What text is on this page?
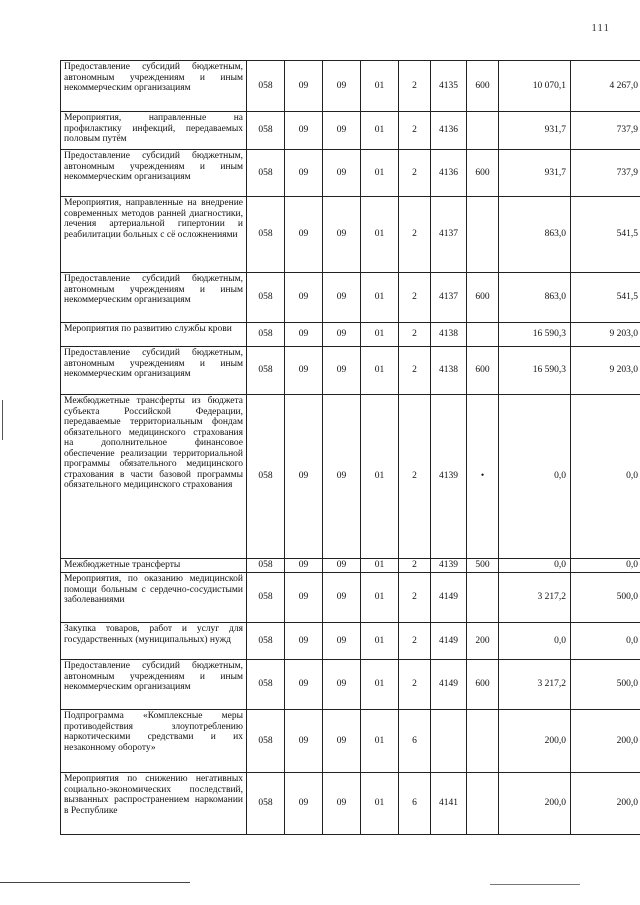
111
Предоставление субсидий бюджетным, автономным учреждениям и иным некоммерческим организациям	058	09	09	01	2	4135	600	10 070,1	4 267,0
Мероприятия, направленные на профилактику инфекций, передаваемых половым путём	058	09	09	01	2	4136		931,7	737,9
Предоставление субсидий бюджетным, автономным учреждениям и иным некоммерческим организациям	058	09	09	01	2	4136	600	931,7	737,9
Мероприятия, направленные на внедрение современных методов ранней диагностики, лечения артериальной гипертонии и реабилитации больных с сё осложнениями	058	09	09	01	2	4137		863,0	541,5
Предоставление субсидий бюджетным, автономным учреждениям и иным некоммерческим организациям	058	09	09	01	2	4137	600	863,0	541,5
Мероприятия по развитию службы крови	058	09	09	01	2	4138		16 590,3	9 203,0
Предоставление субсидий бюджетным, автономным учреждениям и иным некоммерческим организациям	058	09	09	01	2	4138	600	16 590,3	9 203,0
Межбюджетные трансферты из бюджета субъекта Российской Федерации, передаваемые территориальным фондам обязательного медицинского страхования на дополнительное финансовое обеспечение реализации территориальной программы обязательного медицинского страхования в части базовой программы обязательного медицинского страхования	058	09	09	01	2	4139	•	0,0	0,0
Межбюджетные трансферты	058	09	09	01	2	4139	500	0,0	0,0
Мероприятия, по оказанию медицинской помощи больным с сердечно-сосудистыми заболеваниями	058	09	09	01	2	4149		3 217,2	500,0
Закупка товаров, работ и услуг для государственных (муниципальных) нужд	058	09	09	01	2	4149	200	0,0	0,0
Предоставление субсидий бюджетным, автономным учреждениям и иным некоммерческим организациям	058	09	09	01	2	4149	600	3 217,2	500,0
Подпрограмма «Комплексные меры противодействия злоупотреблению наркотическими средствами и их незаконному обороту»	058	09	09	01	6			200,0	200,0
Мероприятия по снижению негативных социально-экономических последствий, вызванных распространением наркомании в Республике	058	09	09	01	6	4141		200,0	200,0
